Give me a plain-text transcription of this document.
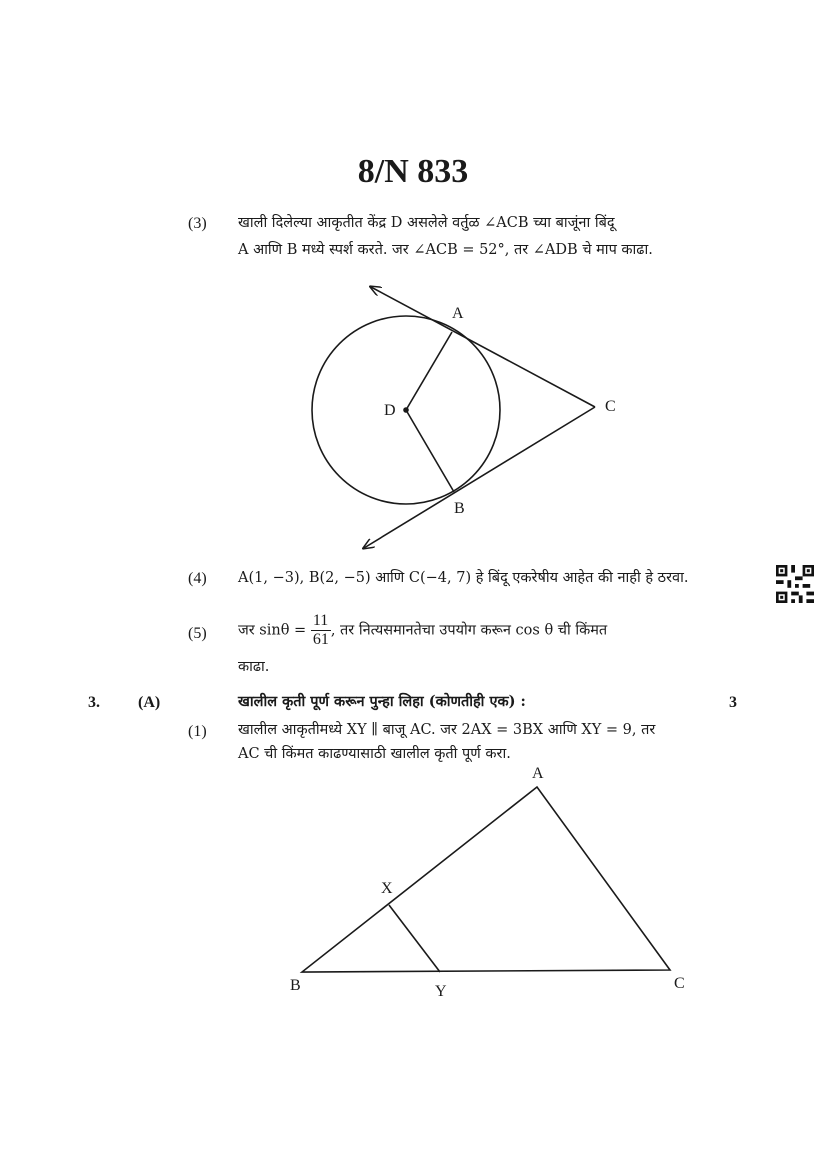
8/N 833
(3) खाली दिलेल्या आकृतीत केंद्र D असलेले वर्तुळ ∠ACB च्या बाजूंना बिंदू
A आणि B मध्ये स्पर्श करते. जर ∠ACB = 52°, तर ∠ADB चे माप काढा.
A
D	C
B
(4) A(1, −3), B(2, −5) आणि C(−4, 7) हे बिंदू एकरेषीय आहेत की नाही हे ठरवा.
(5) जर $\sin\theta = \frac{11}{61}$ , तर नित्यसमानतेचा उपयोग करून cos θ ची किंमत
काढा.
3. (A)	खालील कृती पूर्ण करून पुन्हा लिहा (कोणतीही एक) :	3
(1) खालील आकृतीमध्ये XY ∥ बाजू AC. जर 2AX = 3BX आणि XY = 9, तर
AC ची किंमत काढण्यासाठी खालील कृती पूर्ण करा.
A
X
B	Y	C
